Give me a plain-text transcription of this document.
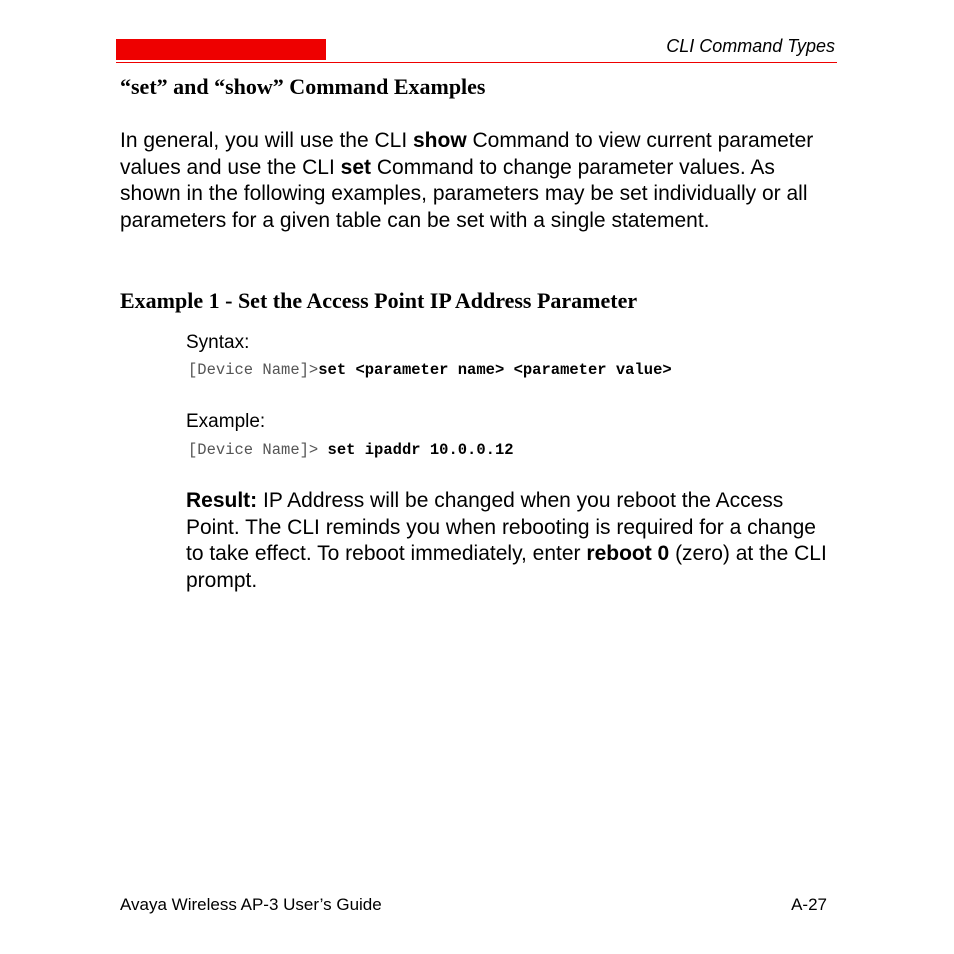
CLI Command Types
“set” and “show” Command Examples
In general, you will use the CLI show Command to view current parameter values and use the CLI set Command to change parameter values. As shown in the following examples, parameters may be set individually or all parameters for a given table can be set with a single statement.
Example 1 - Set the Access Point IP Address Parameter
Syntax:
[Device Name]>set <parameter name> <parameter value>
Example:
[Device Name]> set ipaddr 10.0.0.12
Result: IP Address will be changed when you reboot the Access Point. The CLI reminds you when rebooting is required for a change to take effect. To reboot immediately, enter reboot 0 (zero) at the CLI prompt.
Avaya Wireless AP-3 User’s Guide	A-27
